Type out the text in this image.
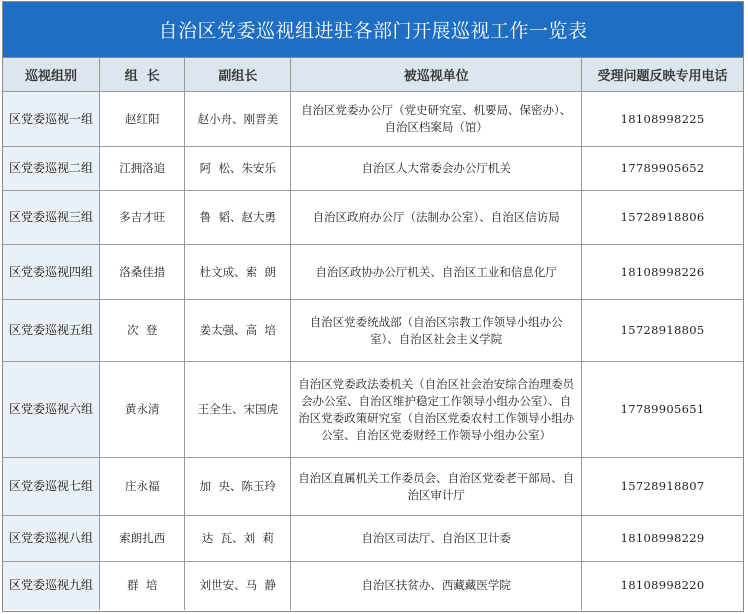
自治区党委巡视组进驻各部门开展巡视工作一览表
巡视组别	组  长	副组长	被巡视单位	受理问题反映专用电话
区党委巡视一组	赵红阳	赵小舟、刚晋美	自治区党委办公厅（党史研究室、机要局、保密办）、自治区档案局（馆）	18108998225
区党委巡视二组	江拥洛追	阿  松、朱安乐	自治区人大常委会办公厅机关	17789905652
区党委巡视三组	多吉才旺	鲁  韬、赵大勇	自治区政府办公厅（法制办公室）、自治区信访局	15728918806
区党委巡视四组	洛桑佳措	杜文成、索  朗	自治区政协办公厅机关、自治区工业和信息化厅	18108998226
区党委巡视五组	次  登	姜太强、高  培	自治区党委统战部（自治区宗教工作领导小组办公室）、自治区社会主义学院	15728918805
区党委巡视六组	黄永清	王全生、宋国虎	自治区党委政法委机关（自治区社会治安综合治理委员会办公室、自治区维护稳定工作领导小组办公室）、自治区党委政策研究室（自治区党委农村工作领导小组办公室、自治区党委财经工作领导小组办公室）	17789905651
区党委巡视七组	庄永福	加  央、陈玉玲	自治区直属机关工作委员会、自治区党委老干部局、自治区审计厅	15728918807
区党委巡视八组	索朗扎西	达  瓦、刘  莉	自治区司法厅、自治区卫计委	18108998229
区党委巡视九组	群  培	刘世安、马  静	自治区扶贫办、西藏藏医学院	18108998220
